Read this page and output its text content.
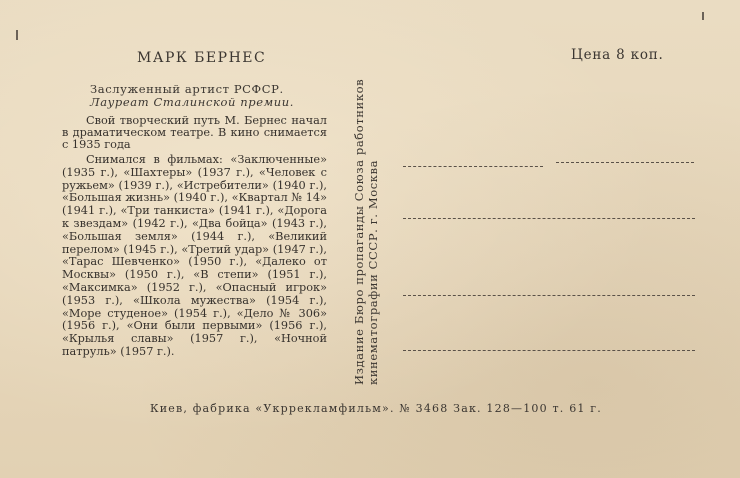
МАРК БЕРНЕС
Заслуженный артист РСФСР.
Лауреат Сталинской премии.

Свой творческий путь М. Бернес начал в драматическом театре. В кино снимается с 1935 года

Снимался в фильмах: «Заключенные» (1935 г.), «Шахтеры» (1937 г.), «Человек с ружьем» (1939 г.), «Истребители» (1940 г.), «Большая жизнь» (1940 г.), «Квартал № 14» (1941 г.), «Три танкиста» (1941 г.), «Дорога к звездам» (1942 г.), «Два бойца» (1943 г.), «Большая земля» (1944 г.), «Великий перелом» (1945 г.), «Третий удар» (1947 г.), «Тарас Шевченко» (1950 г.), «Далеко от Москвы» (1950 г.), «В степи» (1951 г.), «Максимка» (1952 г.), «Опасный игрок» (1953 г.), «Школа мужества» (1954 г.), «Море студеное» (1954 г.), «Дело № 306» (1956 г.), «Они были первыми» (1956 г.), «Крылья славы» (1957 г.), «Ночной патруль» (1957 г.).	Издание Бюро пропаганды Союза работников кинематографии СССР. г. Москва
Цена 8 коп.
Киев, фабрика «Укррекламфильм». № 3468 Зак. 128—100 т. 61 г.
